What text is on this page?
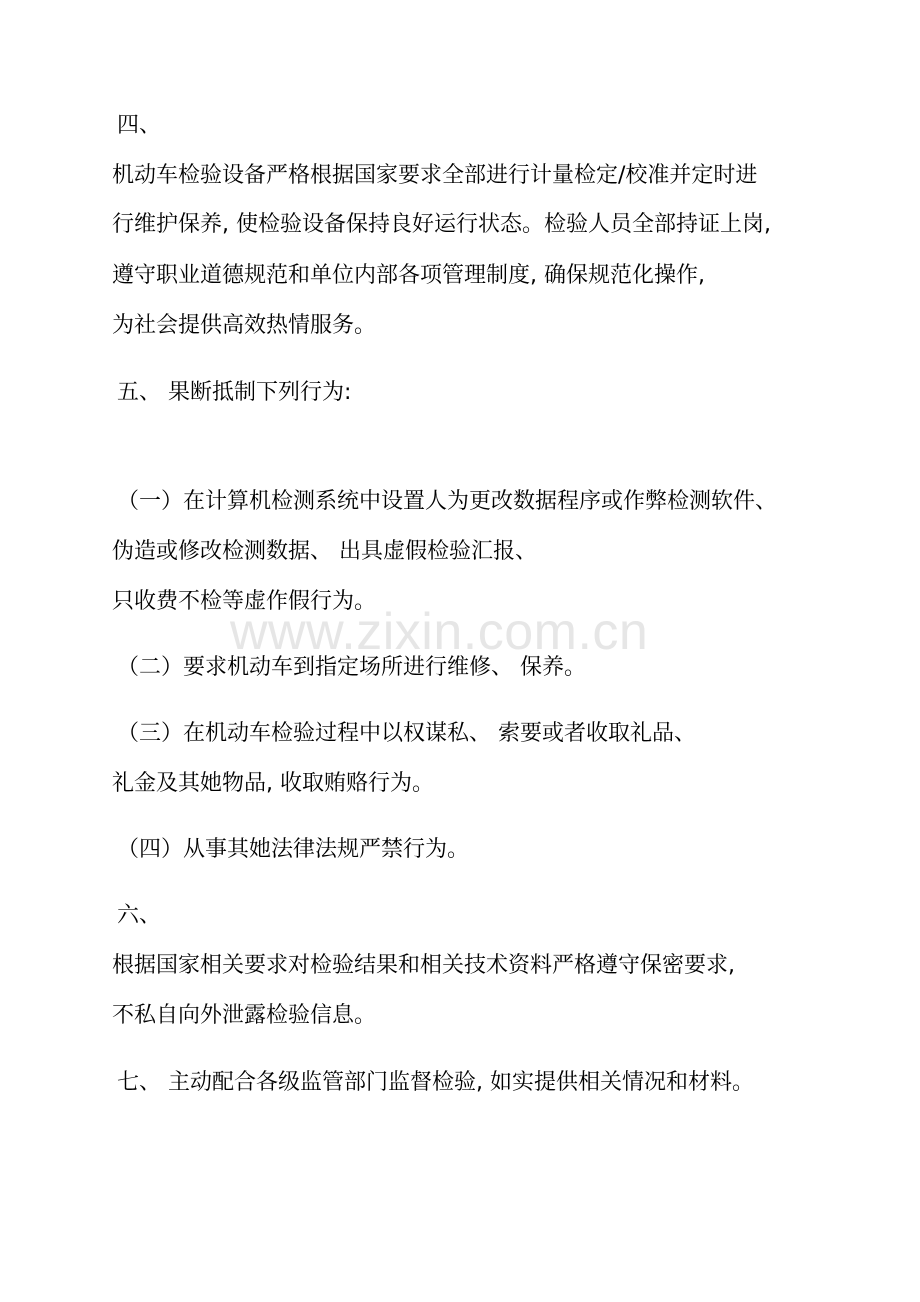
www.zixin.com.cn
四、
机动车检验设备严格根据国家要求全部进行计量检定/校准并定时进
行维护保养, 使检验设备保持良好运行状态。检验人员全部持证上岗,
遵守职业道德规范和单位内部各项管理制度, 确保规范化操作,
为社会提供高效热情服务。
五、 果断抵制下列行为:
（一）在计算机检测系统中设置人为更改数据程序或作弊检测软件、
伪造或修改检测数据、 出具虚假检验汇报、
只收费不检等虚作假行为。
（二）要求机动车到指定场所进行维修、 保养。
（三）在机动车检验过程中以权谋私、 索要或者收取礼品、
礼金及其她物品, 收取贿赂行为。
（四）从事其她法律法规严禁行为。
六、
根据国家相关要求对检验结果和相关技术资料严格遵守保密要求,
不私自向外泄露检验信息。
七、 主动配合各级监管部门监督检验, 如实提供相关情况和材料。
